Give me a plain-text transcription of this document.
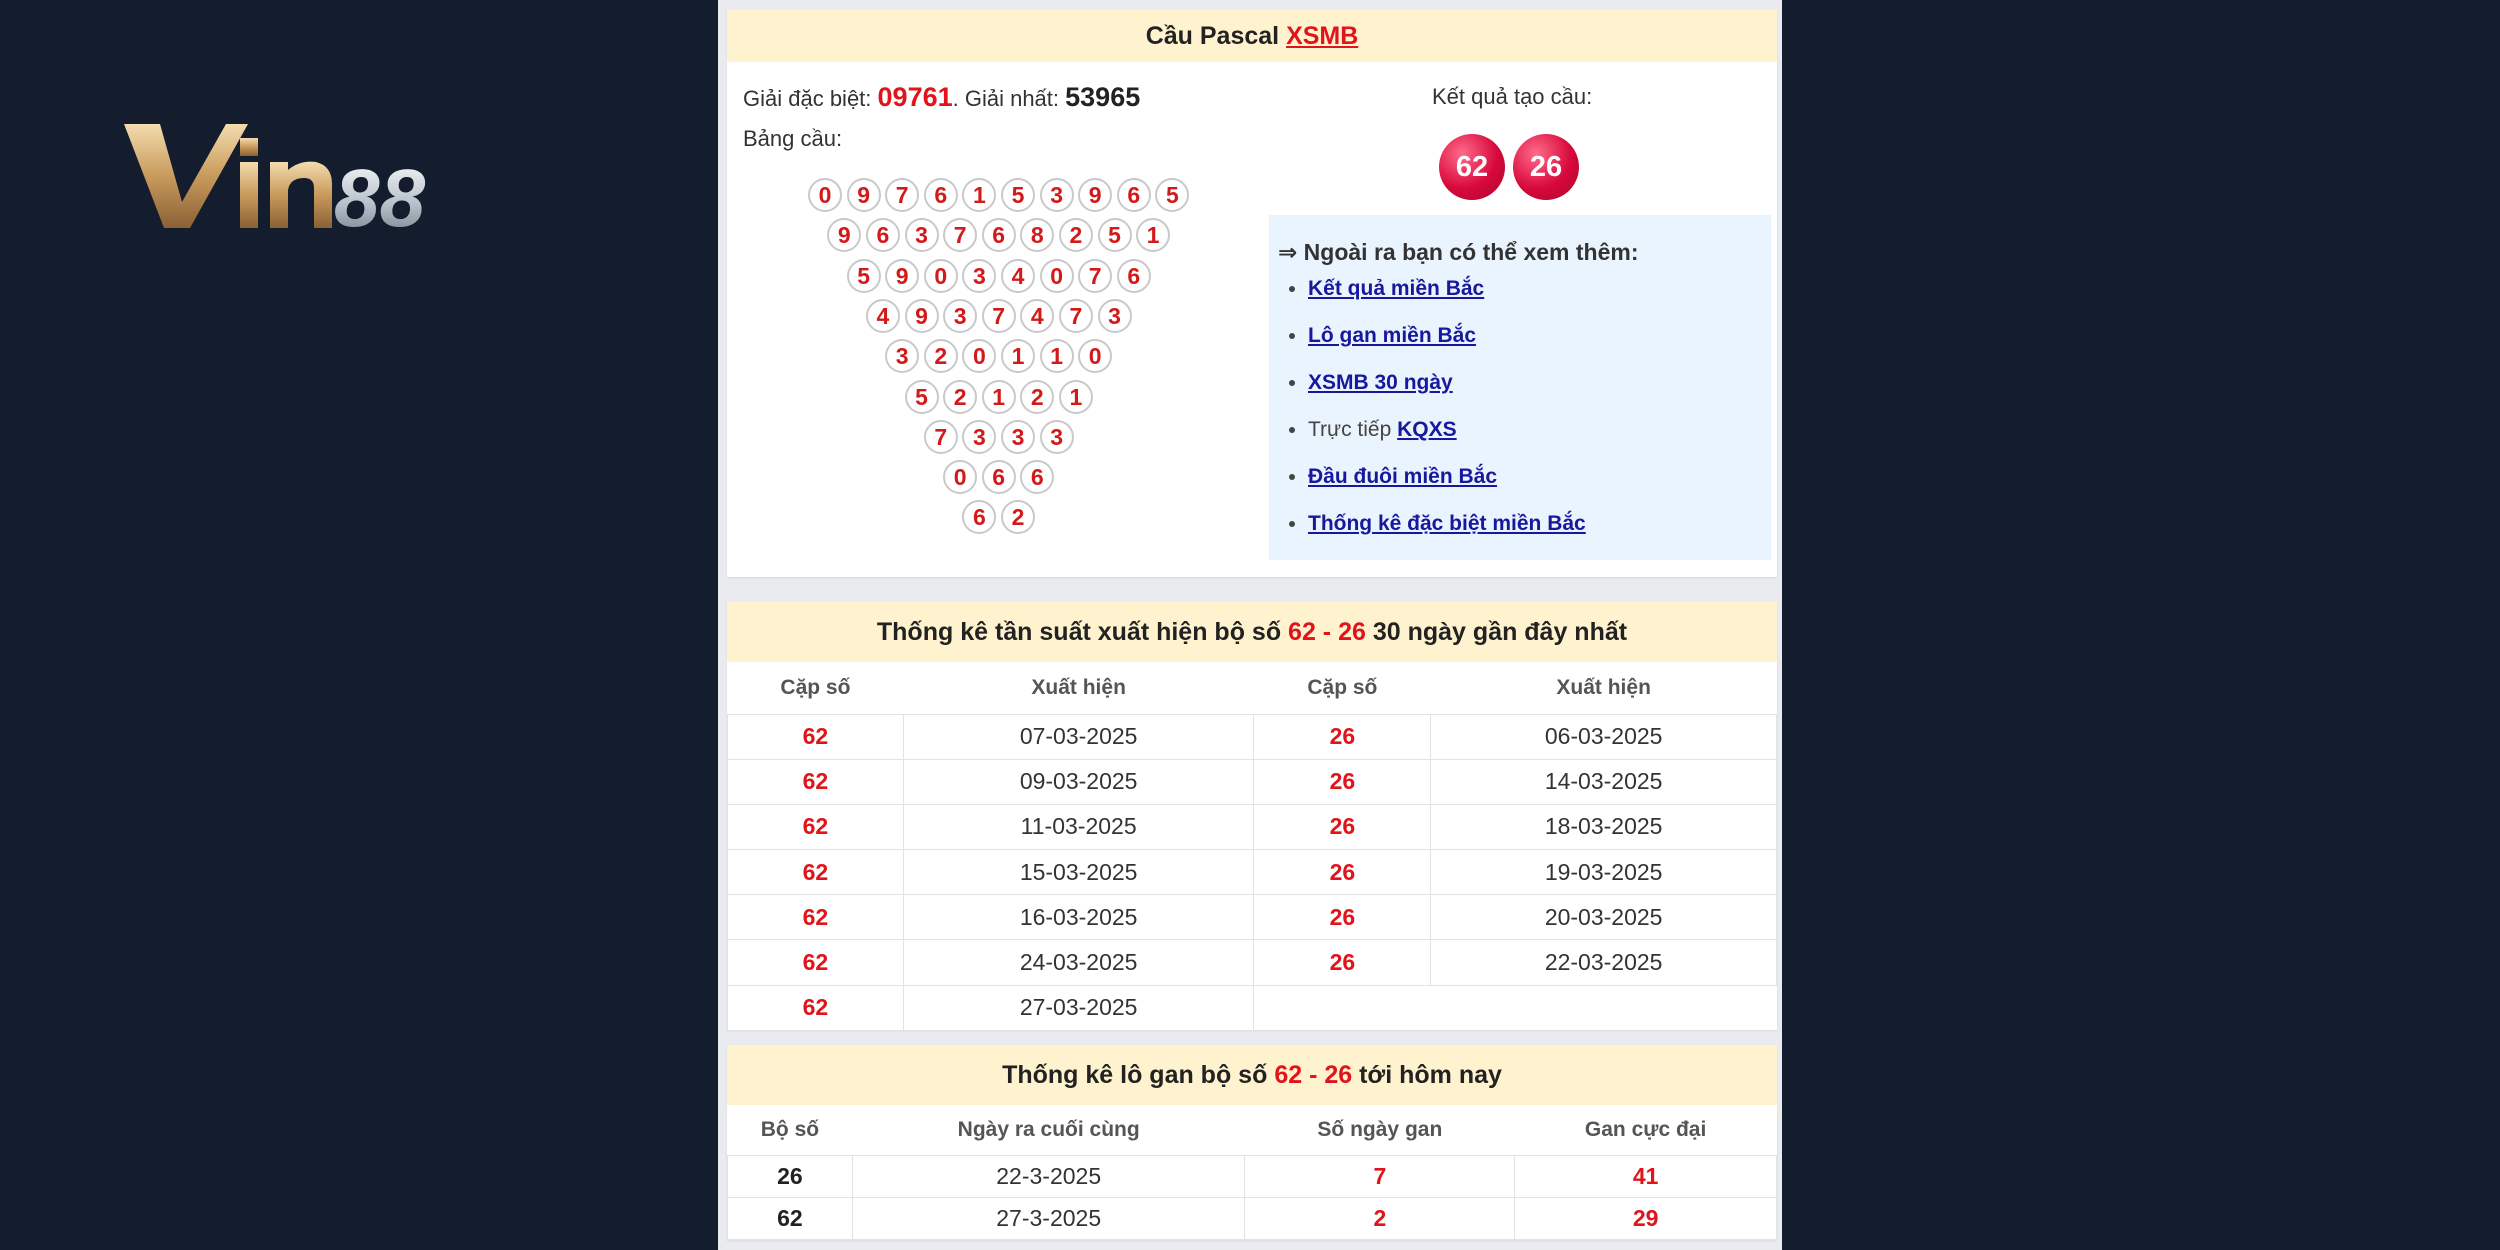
88
Cầu Pascal XSMB
Giải đặc biệt: 09761. Giải nhất: 53965
Bảng cầu:
0	9	7	6	1	5	3	9	6	5
9	6	3	7	6	8	2	5	1
5	9	0	3	4	0	7	6
4	9	3	7	4	7	3
3	2	0	1	1	0
5	2	1	2	1
7	3	3	3
0	6	6
6	2
Kết quả tạo cầu:
62	26
⇒ Ngoài ra bạn có thể xem thêm:
• Kết quả miền Bắc
• Lô gan miền Bắc
• XSMB 30 ngày
• Trực tiếp KQXS
• Đầu đuôi miền Bắc
• Thống kê đặc biệt miền Bắc
Thống kê tần suất xuất hiện bộ số 62 - 26 30 ngày gần đây nhất
Cặp số	Xuất hiện	Cặp số	Xuất hiện
62	07-03-2025	26	06-03-2025
62	09-03-2025	26	14-03-2025
62	11-03-2025	26	18-03-2025
62	15-03-2025	26	19-03-2025
62	16-03-2025	26	20-03-2025
62	24-03-2025	26	22-03-2025
62	27-03-2025		
Thống kê lô gan bộ số 62 - 26 tới hôm nay
Bộ số	Ngày ra cuối cùng	Số ngày gan	Gan cực đại
26	22-3-2025	7	41
62	27-3-2025	2	29
